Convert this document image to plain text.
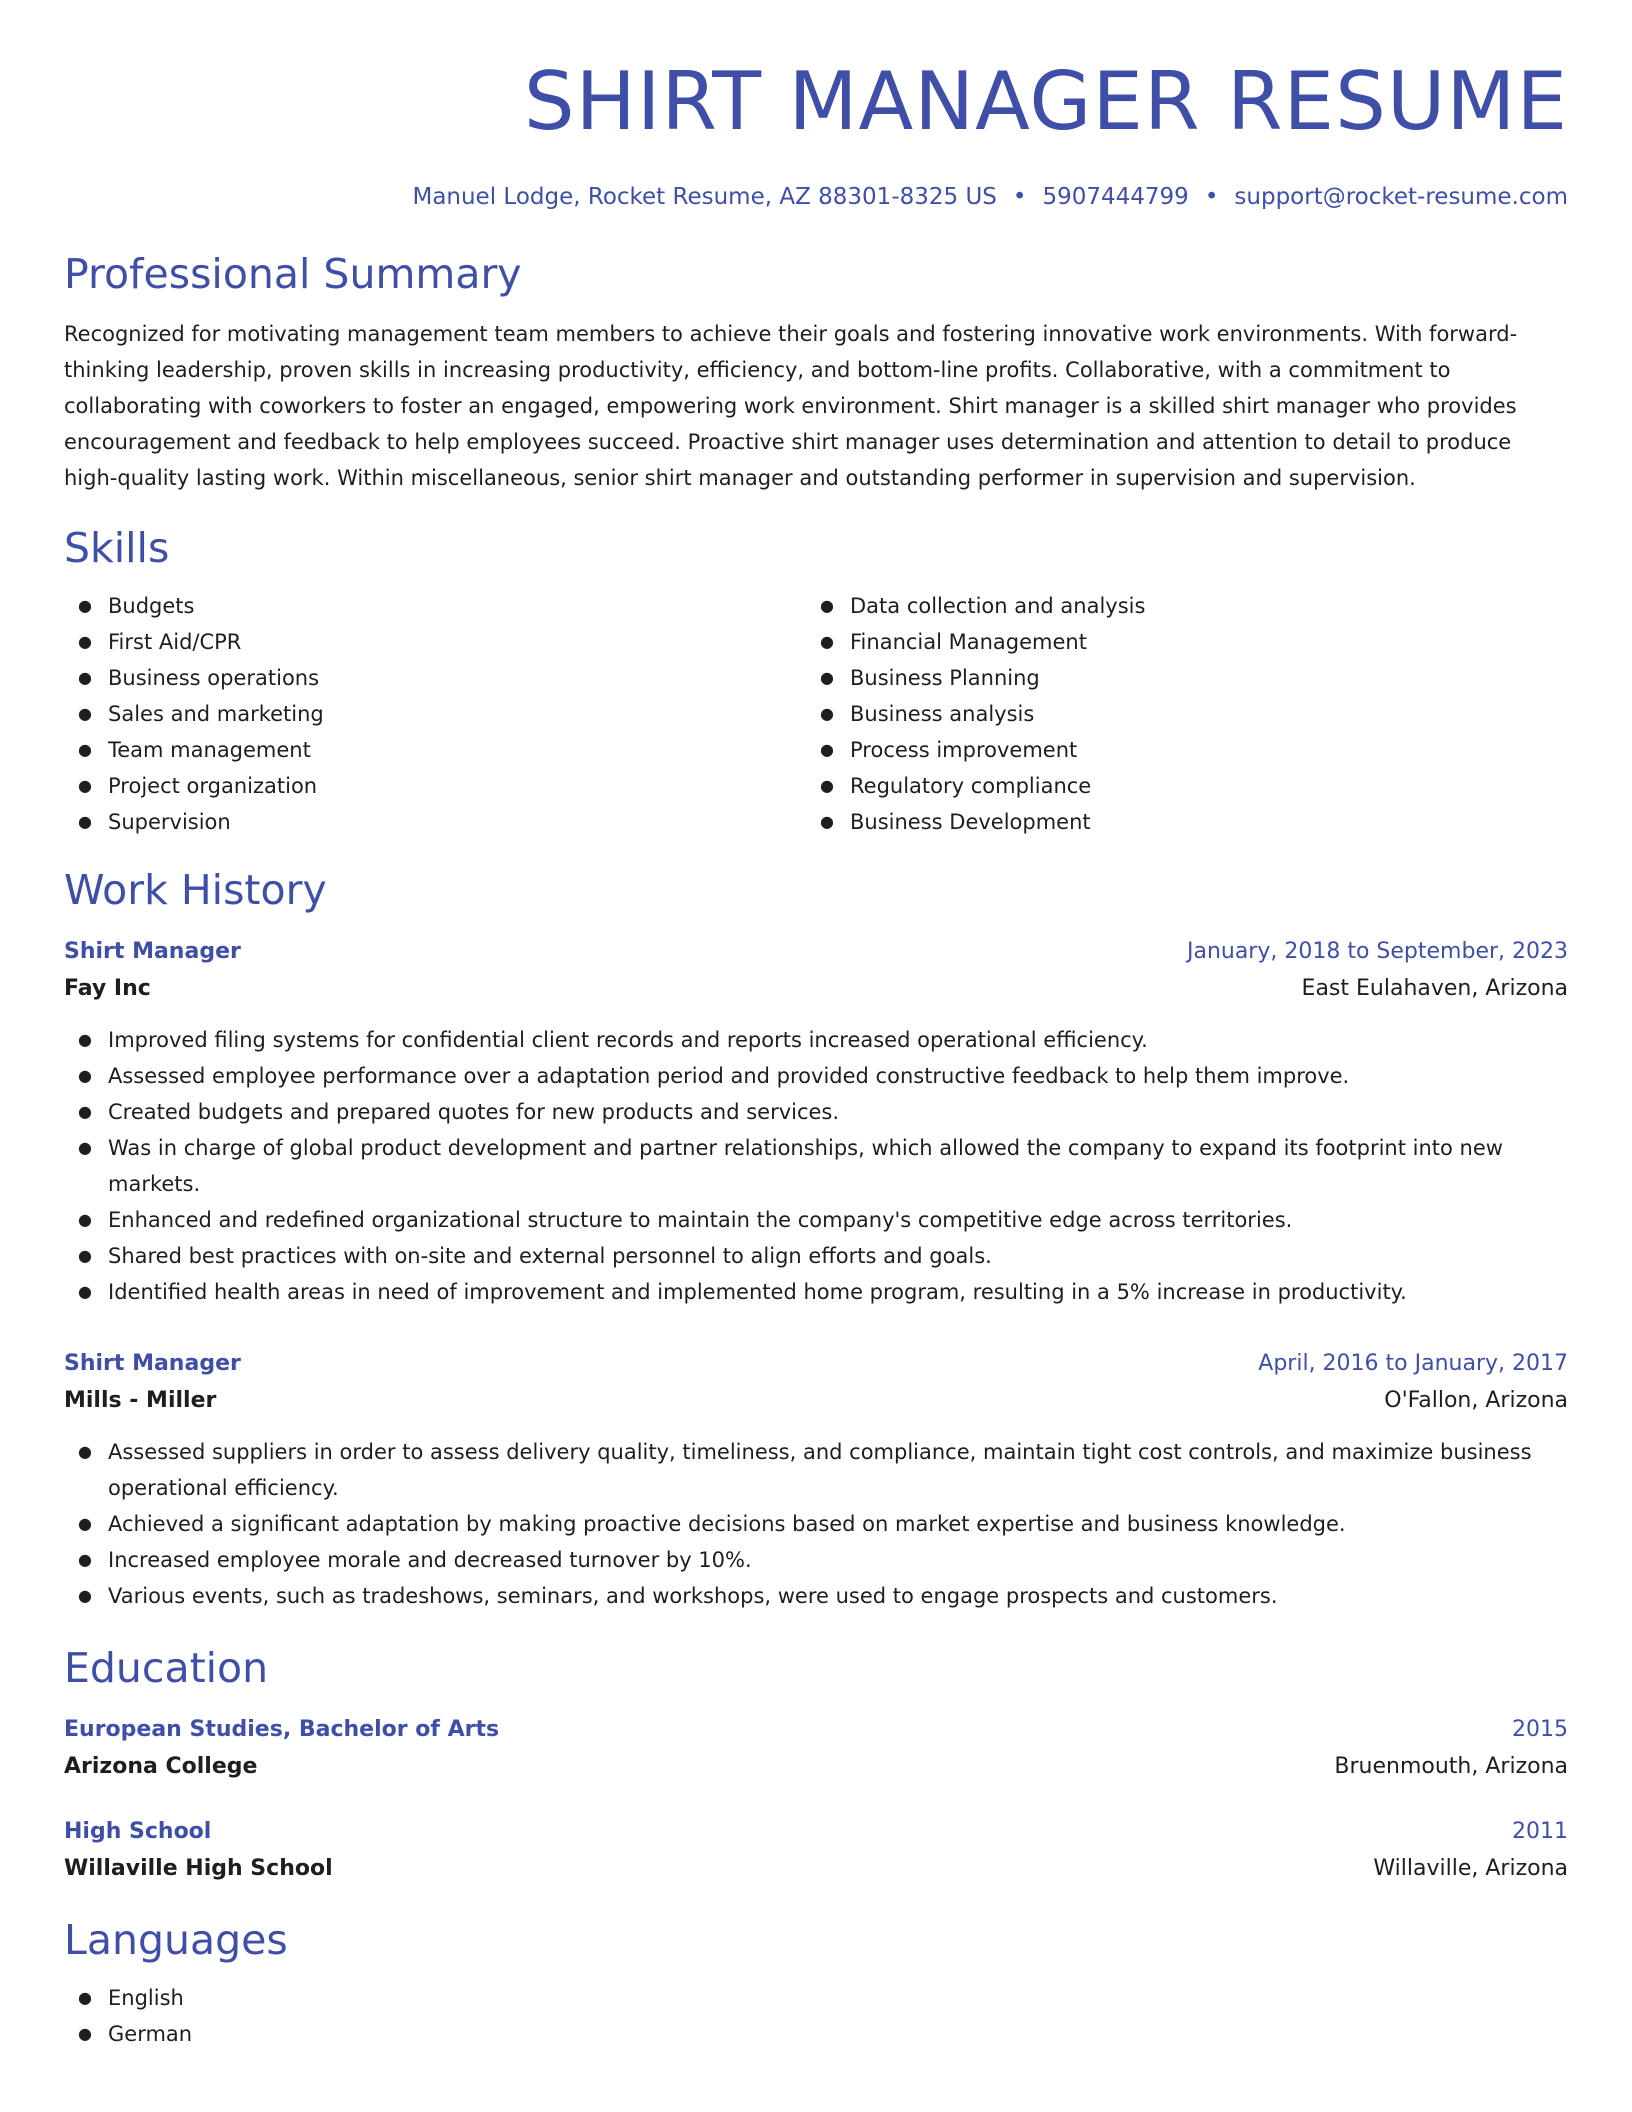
SHIRT MANAGER RESUME
Manuel Lodge, Rocket Resume, AZ 88301-8325 US • 5907444799 • support@rocket-resume.com
Professional Summary
Recognized for motivating management team members to achieve their goals and fostering innovative work environments. With forward-thinking leadership, proven skills in increasing productivity, efficiency, and bottom-line profits. Collaborative, with a commitment to collaborating with coworkers to foster an engaged, empowering work environment. Shirt manager is a skilled shirt manager who provides encouragement and feedback to help employees succeed. Proactive shirt manager uses determination and attention to detail to produce high-quality lasting work. Within miscellaneous, senior shirt manager and outstanding performer in supervision and supervision.
Skills
● Budgets
● First Aid/CPR
● Business operations
● Sales and marketing
● Team management
● Project organization
● Supervision
● Data collection and analysis
● Financial Management
● Business Planning
● Business analysis
● Process improvement
● Regulatory compliance
● Business Development
Work History
Shirt Manager	January, 2018 to September, 2023
Fay Inc	East Eulahaven, Arizona
● Improved filing systems for confidential client records and reports increased operational efficiency.
● Assessed employee performance over a adaptation period and provided constructive feedback to help them improve.
● Created budgets and prepared quotes for new products and services.
● Was in charge of global product development and partner relationships, which allowed the company to expand its footprint into new markets.
● Enhanced and redefined organizational structure to maintain the company's competitive edge across territories.
● Shared best practices with on-site and external personnel to align efforts and goals.
● Identified health areas in need of improvement and implemented home program, resulting in a 5% increase in productivity.
Shirt Manager	April, 2016 to January, 2017
Mills - Miller	O'Fallon, Arizona
● Assessed suppliers in order to assess delivery quality, timeliness, and compliance, maintain tight cost controls, and maximize business operational efficiency.
● Achieved a significant adaptation by making proactive decisions based on market expertise and business knowledge.
● Increased employee morale and decreased turnover by 10%.
● Various events, such as tradeshows, seminars, and workshops, were used to engage prospects and customers.
Education
European Studies, Bachelor of Arts	2015
Arizona College	Bruenmouth, Arizona
High School	2011
Willaville High School	Willaville, Arizona
Languages
● English
● German
